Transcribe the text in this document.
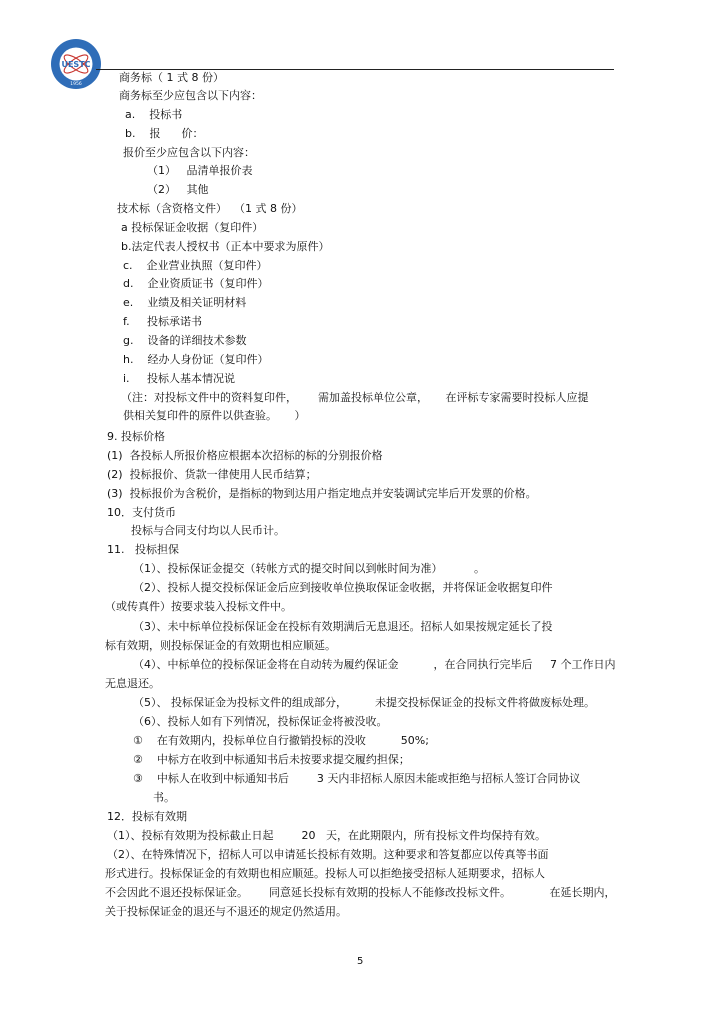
UESTC
1956
商务标（ 1 式 8 份）
商务标至少应包含以下内容：
a.    投标书
b.    报      价：
报价至少应包含以下内容：
（1）   品清单报价表
（2）   其他
技术标（含资格文件）  （1 式 8 份）
a 投标保证金收据（复印件）
b.法定代表人授权书（正本中要求为原件）
c.    企业营业执照（复印件）
d.    企业资质证书（复印件）
e.    业绩及相关证明材料
f.     投标承诺书
g.    设备的详细技术参数
h.    经办人身份证（复印件）
i.     投标人基本情况说
（注：对投标文件中的资料复印件，      需加盖投标单位公章，     在评标专家需要时投标人应提
供相关复印件的原件以供查验。     ）
9. 投标价格
(1)  各投标人所报价格应根据本次招标的标的分别报价格
(2)  投标报价、货款一律使用人民币结算；
(3)  投标报价为含税价，是指标的物到达用户指定地点并安装调试完毕后开发票的价格。
10．支付货币
投标与合同支付均以人民币计。
11.   投标担保
（1）、投标保证金提交（转帐方式的提交时间以到帐时间为准）         。
（2）、投标人提交投标保证金后应到接收单位换取保证金收据，并将保证金收据复印件
（或传真件）按要求装入投标文件中。
（3）、未中标单位投标保证金在投标有效期满后无息退还。招标人如果按规定延长了投
标有效期，则投标保证金的有效期也相应顺延。
（4）、中标单位的投标保证金将在自动转为履约保证金          ，在合同执行完毕后     7 个工作日内
无息退还。
（5）、 投标保证金为投标文件的组成部分，        未提交投标保证金的投标文件将做废标处理。
（6）、投标人如有下列情况，投标保证金将被没收。
①    在有效期内，投标单位自行撤销投标的没收          50%;
②    中标方在收到中标通知书后未按要求提交履约担保；
③    中标人在收到中标通知书后        3 天内非招标人原因未能或拒绝与招标人签订合同协议
书。
12．投标有效期
（1）、投标有效期为投标截止日起        20   天，在此期限内，所有投标文件均保持有效。
（2）、在特殊情况下，招标人可以申请延长投标有效期。这种要求和答复都应以传真等书面
形式进行。投标保证金的有效期也相应顺延。投标人可以拒绝接受招标人延期要求，招标人
不会因此不退还投标保证金。      同意延长投标有效期的投标人不能修改投标文件。           在延长期内，
关于投标保证金的退还与不退还的规定仍然适用。
5
